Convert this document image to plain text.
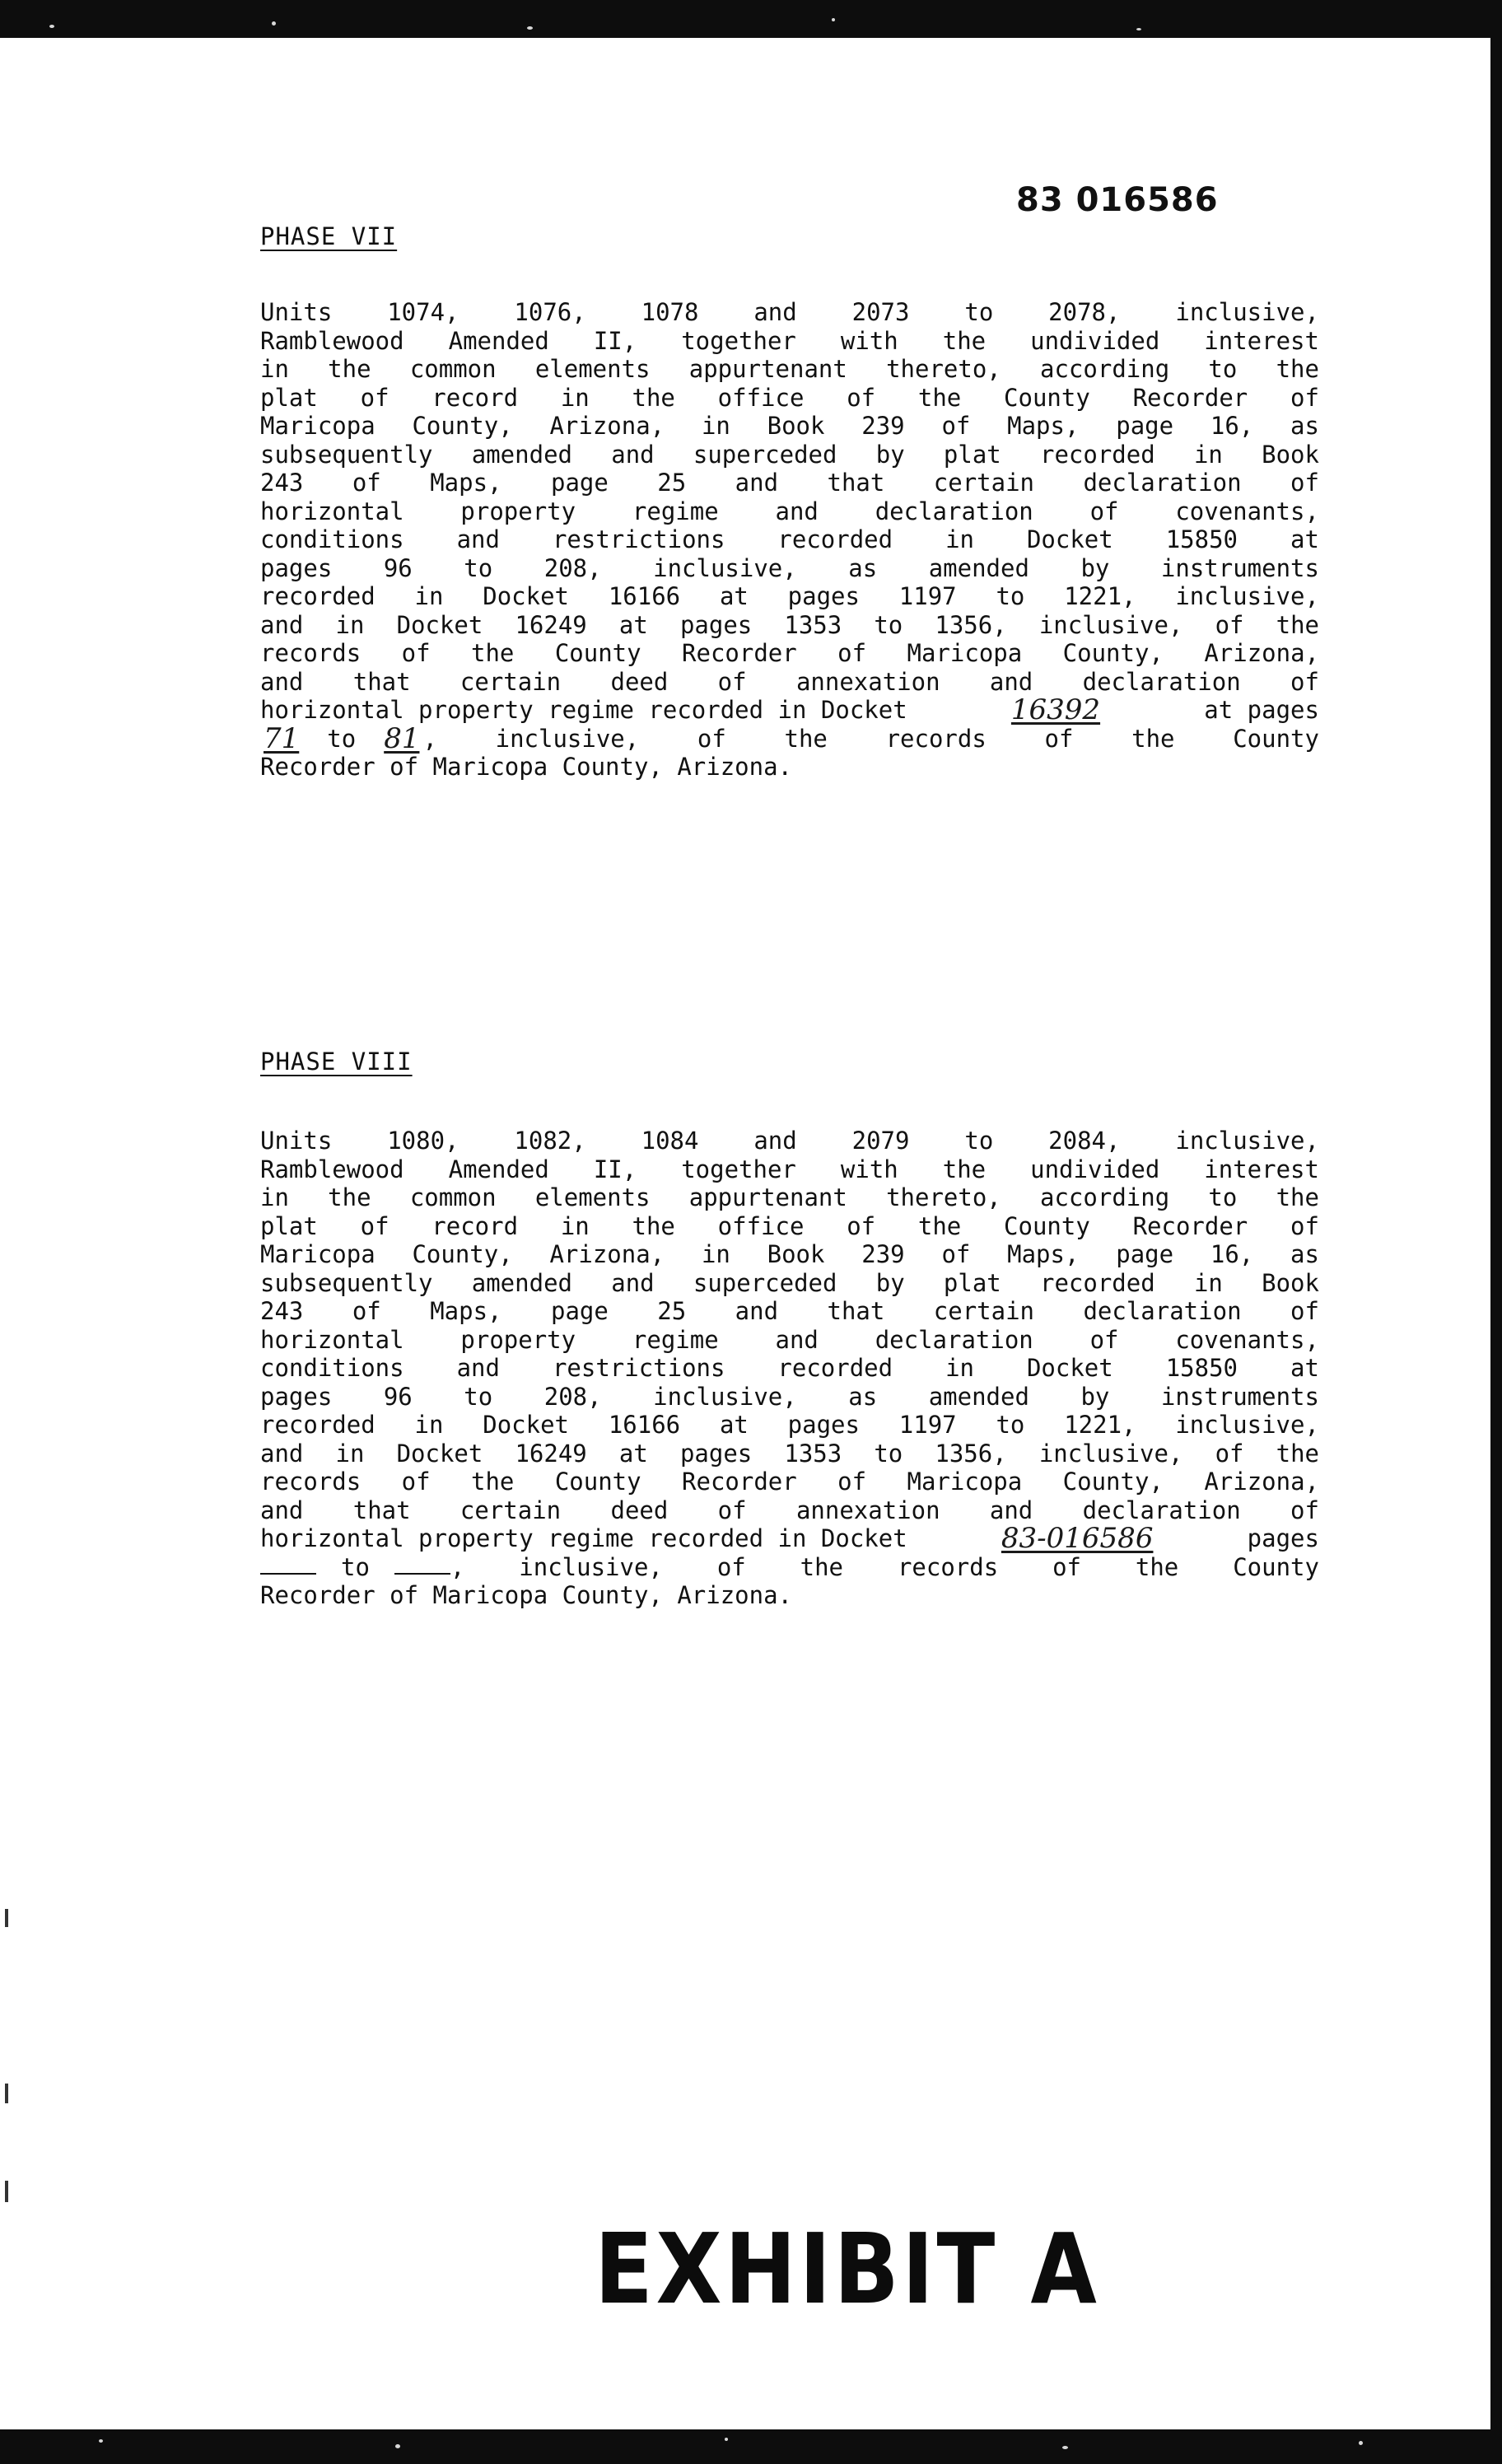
83 016586
PHASE VII
Units 1074, 1076, 1078 and 2073 to 2078, inclusive,
Ramblewood Amended II, together with the undivided interest
in the common elements appurtenant thereto, according to the
plat of record in the office of the County Recorder of
Maricopa County, Arizona, in Book 239 of Maps, page 16, as
subsequently amended and superceded by plat recorded in Book
243 of Maps, page 25 and that certain declaration of
horizontal property regime and declaration of covenants,
conditions and restrictions recorded in Docket 15850 at
pages 96 to 208, inclusive, as amended by instruments
recorded in Docket 16166 at pages 1197 to 1221, inclusive,
and in Docket 16249 at pages 1353 to 1356, inclusive, of the
records of the County Recorder of Maricopa County, Arizona,
and that certain deed of annexation and declaration of
horizontal property regime recorded in Docket	16392	at pages
71 to 81 , inclusive, of the records of the County
Recorder of Maricopa County, Arizona.
PHASE VIII
Units 1080, 1082, 1084 and 2079 to 2084, inclusive,
Ramblewood Amended II, together with the undivided interest
in the common elements appurtenant thereto, according to the
plat of record in the office of the County Recorder of
Maricopa County, Arizona, in Book 239 of Maps, page 16, as
subsequently amended and superceded by plat recorded in Book
243 of Maps, page 25 and that certain declaration of
horizontal property regime and declaration of covenants,
conditions and restrictions recorded in Docket 15850 at
pages 96 to 208, inclusive, as amended by instruments
recorded in Docket 16166 at pages 1197 to 1221, inclusive,
and in Docket 16249 at pages 1353 to 1356, inclusive, of the
records of the County Recorder of Maricopa County, Arizona,
and that certain deed of annexation and declaration of
horizontal property regime recorded in Docket	83-016586	pages
to	, inclusive, of the records of the County
Recorder of Maricopa County, Arizona.
EXHIBIT A
